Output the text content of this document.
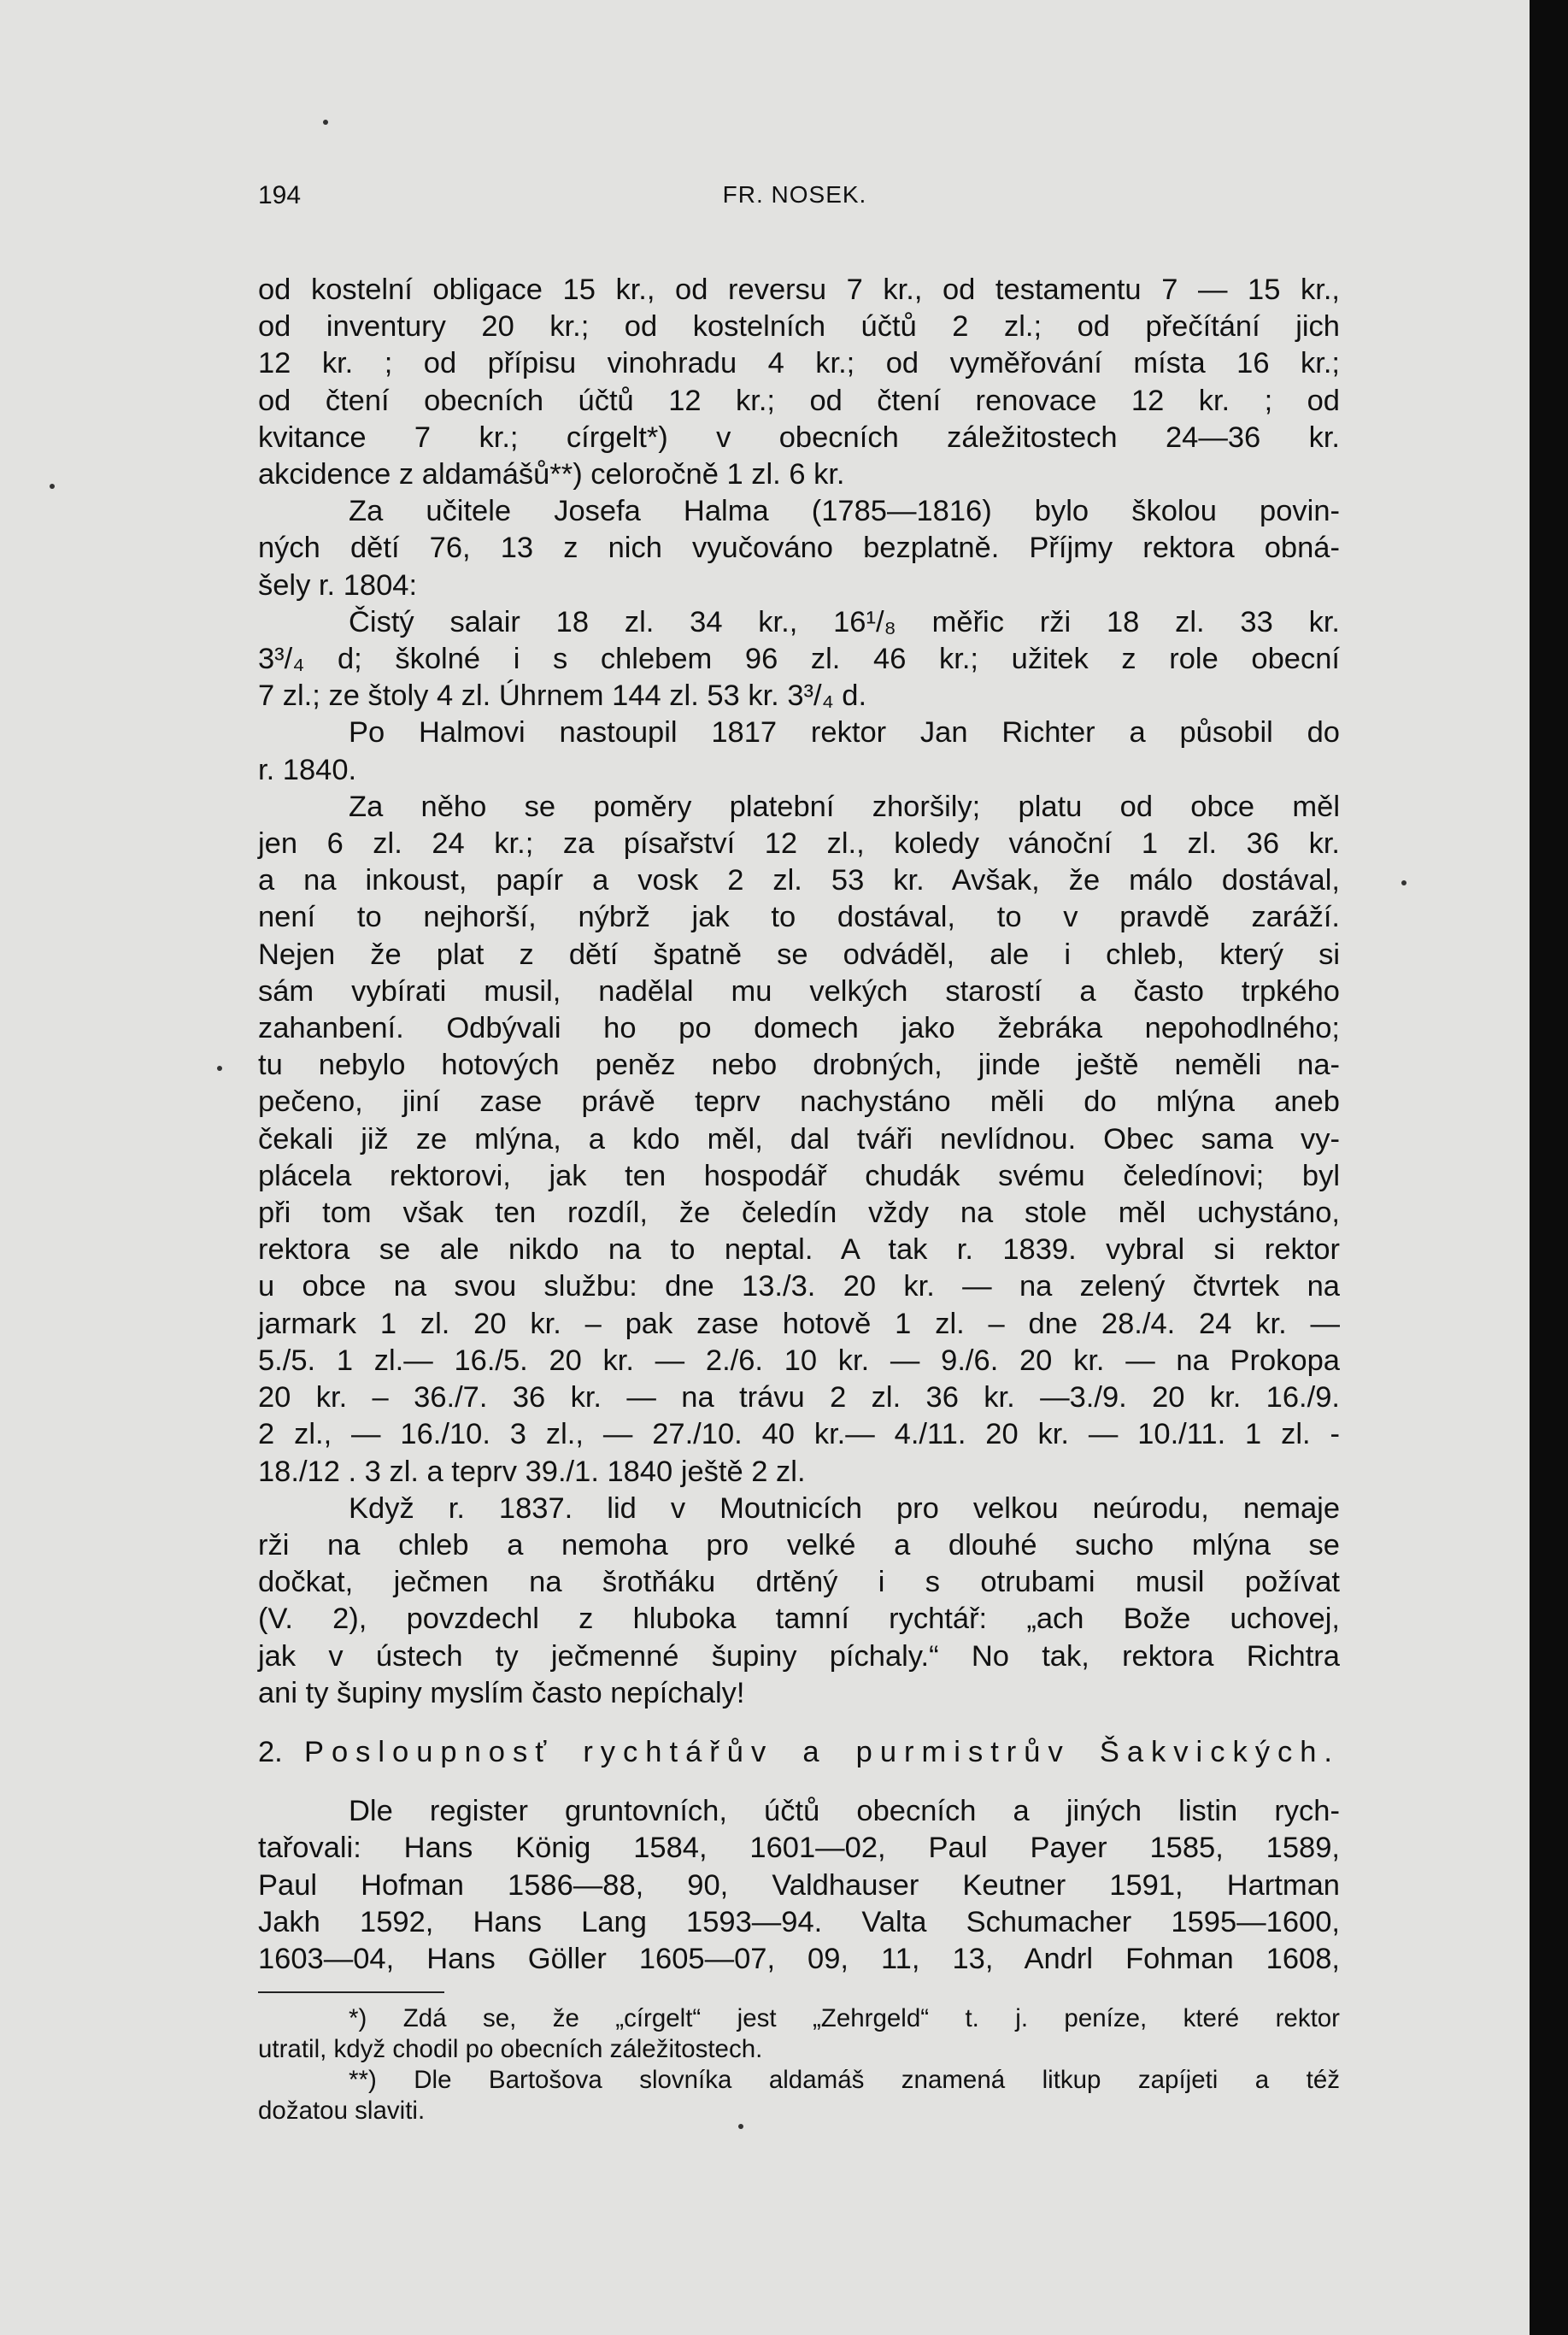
194	FR. NOSEK.

od kostelní obligace 15 kr., od reversu 7 kr., od testamentu 7 — 15 kr.,

od inventury 20 kr.; od kostelních účtů 2 zl.; od přečítání jich

12 kr. ; od přípisu vinohradu 4 kr.; od vyměřování místa 16 kr.;

od čtení obecních účtů 12 kr.; od čtení renovace 12 kr. ; od

kvitance 7 kr.; círgelt*) v obecních záležitostech 24—36 kr.

akcidence z aldamášů**) celoročně 1 zl. 6 kr.

Za učitele Josefa Halma (1785—1816) bylo školou povin-

ných dětí 76, 13 z nich vyučováno bezplatně. Příjmy rektora obná-

šely r. 1804:

Čistý salair 18 zl. 34 kr., 16¹/₈ měřic rži 18 zl. 33 kr.

3³/₄ d; školné i s chlebem 96 zl. 46 kr.; užitek z role obecní

7 zl.; ze štoly 4 zl. Úhrnem 144 zl. 53 kr. 3³/₄ d.

Po Halmovi nastoupil 1817 rektor Jan Richter a působil do

r. 1840.

Za něho se poměry platební zhoršily; platu od obce měl

jen 6 zl. 24 kr.; za písařství 12 zl., koledy vánoční 1 zl. 36 kr.

a na inkoust, papír a vosk 2 zl. 53 kr. Avšak, že málo dostával,

není to nejhorší, nýbrž jak to dostával, to v pravdě zaráží.

Nejen že plat z dětí špatně se odváděl, ale i chleb, který si

sám vybírati musil, nadělal mu velkých starostí a často trpkého

zahanbení. Odbývali ho po domech jako žebráka nepohodlného;

tu nebylo hotových peněz nebo drobných, jinde ještě neměli na-

pečeno, jiní zase právě teprv nachystáno měli do mlýna aneb

čekali již ze mlýna, a kdo měl, dal tváři nevlídnou. Obec sama vy-

plácela rektorovi, jak ten hospodář chudák svému čeledínovi; byl

při tom však ten rozdíl, že čeledín vždy na stole měl uchystáno,

rektora se ale nikdo na to neptal. A tak r. 1839. vybral si rektor

u obce na svou službu: dne 13./3. 20 kr. — na zelený čtvrtek na

jarmark 1 zl. 20 kr. – pak zase hotově 1 zl. – dne 28./4. 24 kr. —

5./5. 1 zl.— 16./5. 20 kr. — 2./6. 10 kr. — 9./6. 20 kr. — na Prokopa

20 kr. – 36./7. 36 kr. — na trávu 2 zl. 36 kr. —3./9. 20 kr. 16./9.

2 zl., — 16./10. 3 zl., — 27./10. 40 kr.— 4./11. 20 kr. — 10./11. 1 zl. -

18./12 . 3 zl. a teprv 39./1. 1840 ještě 2 zl.

Když r. 1837. lid v Moutnicích pro velkou neúrodu, nemaje

rži na chleb a nemoha pro velké a dlouhé sucho mlýna se

dočkat, ječmen na šrotňáku drtěný i s otrubami musil požívat

(V. 2), povzdechl z hluboka tamní rychtář: „ach Bože uchovej,

jak v ústech ty ječmenné šupiny píchaly.“ No tak, rektora Richtra

ani ty šupiny myslím často nepíchaly!

2. Posloupnosť rychtářův a purmistrův Šakvických.

Dle register gruntovních, účtů obecních a jiných listin rych-

tařovali: Hans König 1584, 1601—02, Paul Payer 1585, 1589,

Paul Hofman 1586—88, 90, Valdhauser Keutner 1591, Hartman

Jakh 1592, Hans Lang 1593—94. Valta Schumacher 1595—1600,

1603—04, Hans Göller 1605—07, 09, 11, 13, Andrl Fohman 1608,

*) Zdá se, že „círgelt“ jest „Zehrgeld“ t. j. peníze, které rektor

utratil, když chodil po obecních záležitostech.

**) Dle Bartošova slovníka aldamáš znamená litkup zapíjeti a též

dožatou slaviti.
